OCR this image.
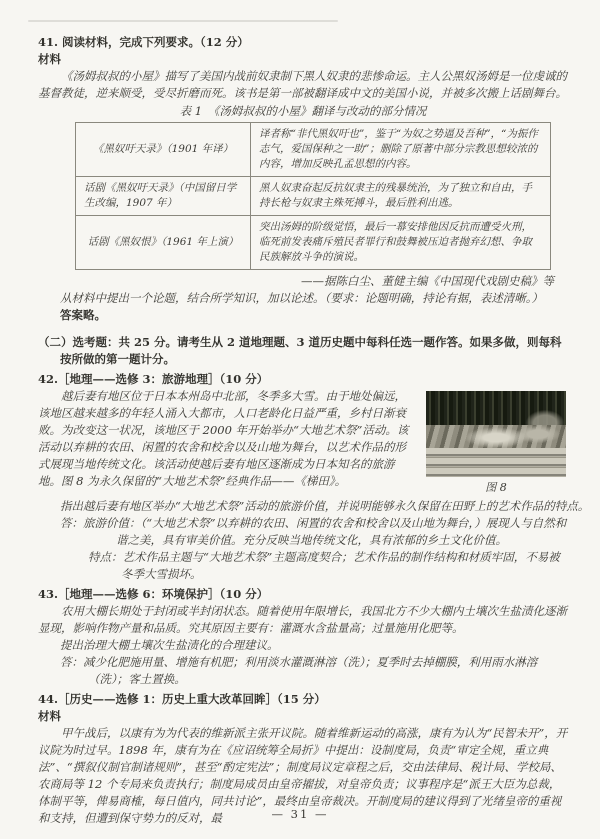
41. 阅读材料，完成下列要求。（12 分）
材料

《汤姆叔叔的小屋》描写了美国内战前奴隶制下黑人奴隶的悲惨命运。主人公黑奴汤姆是一位虔诚的基督教徒，逆来顺受，受尽折磨而死。该书是第一部被翻译成中文的美国小说，并被多次搬上话剧舞台。

表 1　《汤姆叔叔的小屋》翻译与改动的部分情况
《黑奴吁天录》（1901 年译）	译者称“非代黑奴吁也”，鉴于“为奴之势逼及吾种”，“为振作志气，爱国保种之一助”；删除了原著中部分宗教思想较浓的内容，增加反映孔孟思想的内容。
话剧《黑奴吁天录》（中国留日学生改编，1907 年）	黑人奴隶奋起反抗奴隶主的残暴统治，为了独立和自由，手持长枪与奴隶主殊死搏斗，最后胜利出逃。
话剧《黑奴恨》（1961 年上演）	突出汤姆的阶级觉悟，最后一幕安排他因反抗而遭受火刑，临死前发表痛斥殖民者罪行和鼓舞被压迫者抛弃幻想、争取民族解放斗争的演说。
——据陈白尘、董健主编《中国现代戏剧史稿》等

从材料中提出一个论题，结合所学知识，加以论述。（要求：论题明确，持论有据，表述清晰。）

答案略。
（二）选考题：共 25 分。请考生从 2 道地理题、3 道历史题中每科任选一题作答。如果多做，则每科按所做的第一题计分。
42.［地理——选修 3：旅游地理］（10 分）
图 8

越后妻有地区位于日本本州岛中北部，冬季多大雪。由于地处偏远，该地区越来越多的年轻人涌入大都市，人口老龄化日益严重，乡村日渐衰败。为改变这一状况，该地区于 2000 年开始举办“大地艺术祭”活动。该活动以弃耕的农田、闲置的农舍和校舍以及山地为舞台，以艺术作品的形式展现当地传统文化。该活动使越后妻有地区逐渐成为日本知名的旅游地。图 8 为永久保留的“大地艺术祭”经典作品——《梯田》。

指出越后妻有地区举办“大地艺术祭”活动的旅游价值，并说明能够永久保留在田野上的艺术作品的特点。

答：旅游价值：（“大地艺术祭”以弃耕的农田、闲置的农舍和校舍以及山地为舞台，）展现人与自然和谐之美，具有审美价值。充分反映当地传统文化，具有浓郁的乡土文化价值。

特点：艺术作品主题与“大地艺术祭”主题高度契合；艺术作品的制作结构和材质牢固，不易被冬季大雪损坏。

43.［地理——选修 6：环境保护］（10 分）

农用大棚长期处于封闭或半封闭状态。随着使用年限增长，我国北方不少大棚内土壤次生盐渍化逐渐显现，影响作物产量和品质。究其原因主要有：灌溉水含盐量高；过量施用化肥等。

提出治理大棚土壤次生盐渍化的合理建议。

答：减少化肥施用量、增施有机肥；利用淡水灌溉淋溶（洗）；夏季时去掉棚膜，利用雨水淋溶（洗）；客土置换。

44.［历史——选修 1：历史上重大改革回眸］（15 分）
材料

甲午战后，以康有为为代表的维新派主张开议院。随着维新运动的高涨，康有为认为“民智未开”，开议院为时过早。1898 年，康有为在《应诏统筹全局折》中提出：设制度局，负责“审定全规，重立典法”、“撰叙仪制官制诸规则”，甚至“酌定宪法”；制度局议定章程之后，交由法律局、税计局、学校局、农商局等 12 个专局来负责执行；制度局成员由皇帝擢拔，对皇帝负责；议事程序是“派王大臣为总裁，体制平等，俾易商榷，每日值内，同共讨论”，最终由皇帝裁决。开制度局的建议得到了光绪皇帝的重视和支持，但遭到保守势力的反对，最	— 31 —
